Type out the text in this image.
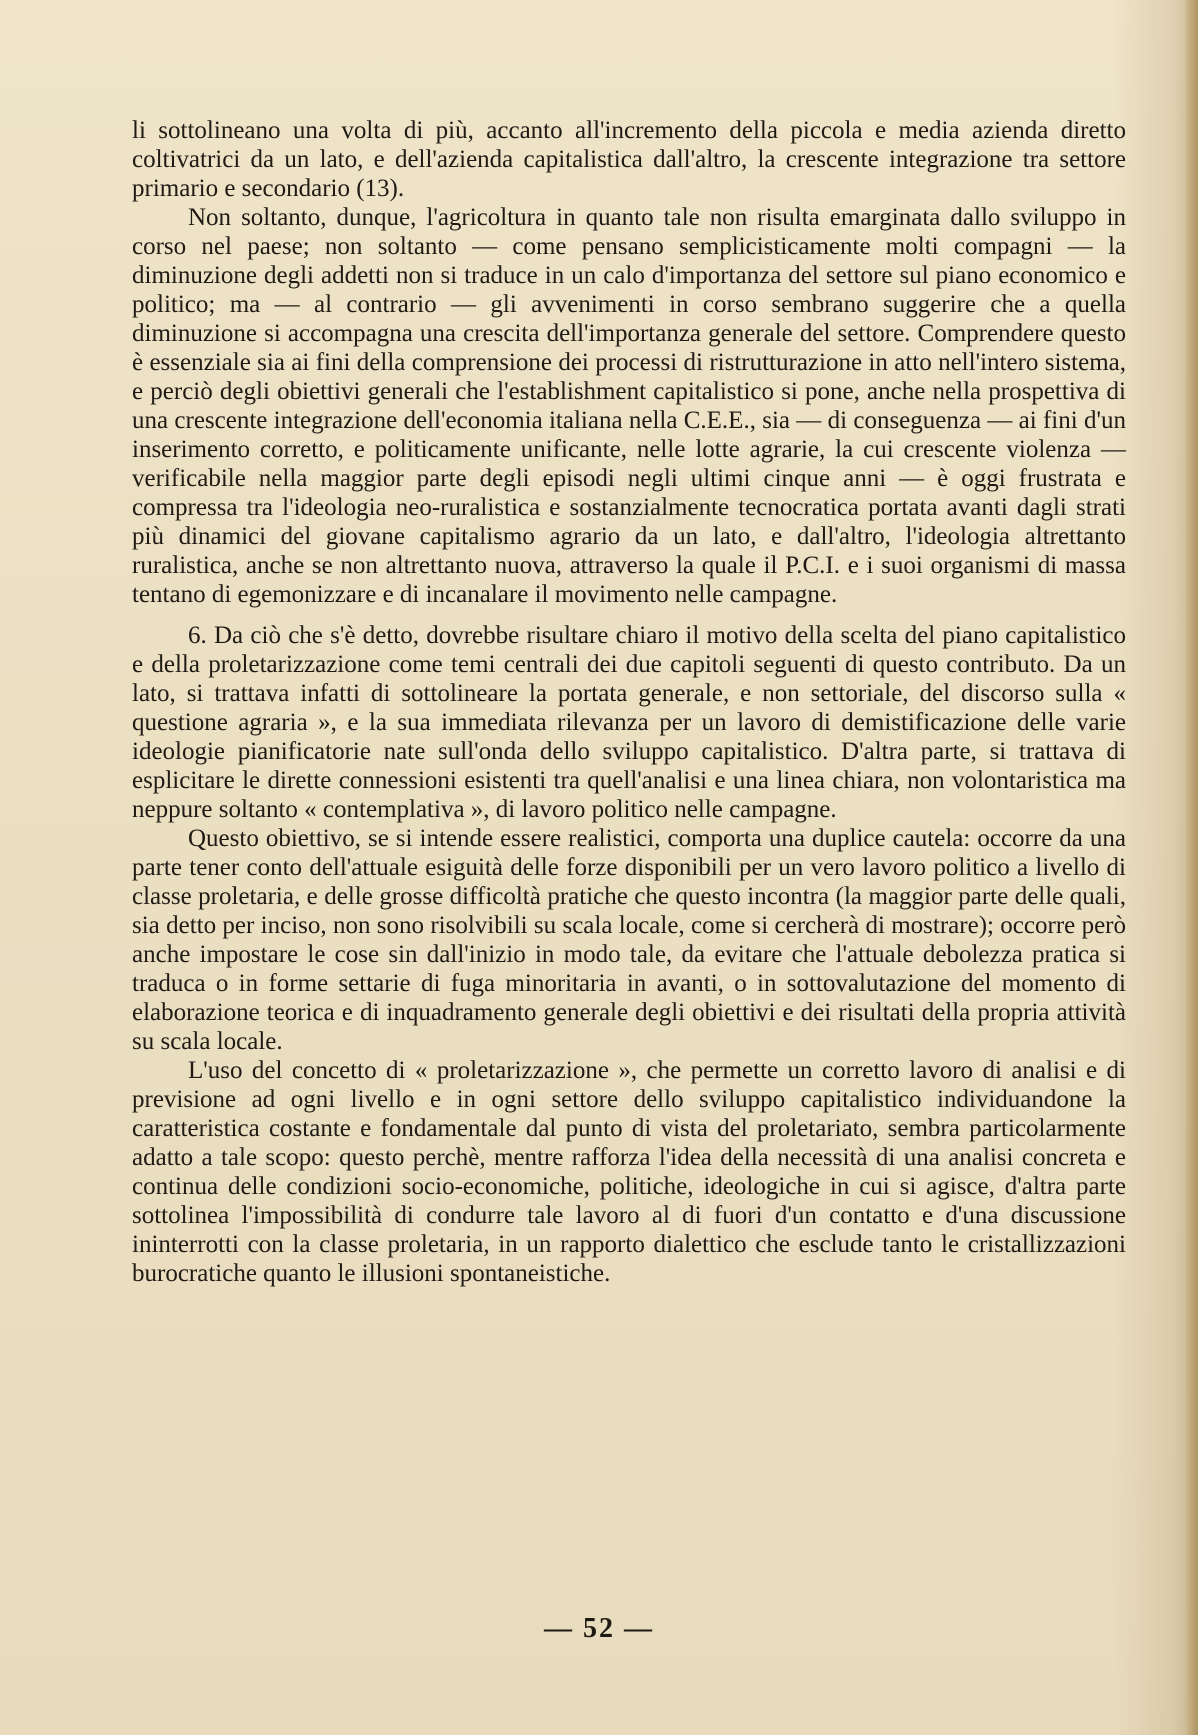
li sottolineano una volta di più, accanto all'incremento della piccola e media azienda diretto coltivatrici da un lato, e dell'azienda capitalistica dall'altro, la crescente integrazione tra settore primario e secondario (13).

Non soltanto, dunque, l'agricoltura in quanto tale non risulta emarginata dallo sviluppo in corso nel paese; non soltanto — come pensano semplicisticamente molti compagni — la diminuzione degli addetti non si traduce in un calo d'importanza del settore sul piano economico e politico; ma — al contrario — gli avvenimenti in corso sembrano suggerire che a quella diminuzione si accompagna una crescita dell'importanza generale del settore. Comprendere questo è essenziale sia ai fini della comprensione dei processi di ristrutturazione in atto nell'intero sistema, e perciò degli obiettivi generali che l'establishment capitalistico si pone, anche nella prospettiva di una crescente integrazione dell'economia italiana nella C.E.E., sia — di conseguenza — ai fini d'un inserimento corretto, e politicamente unificante, nelle lotte agrarie, la cui crescente violenza — verificabile nella maggior parte degli episodi negli ultimi cinque anni — è oggi frustrata e compressa tra l'ideologia neo-ruralistica e sostanzialmente tecnocratica portata avanti dagli strati più dinamici del giovane capitalismo agrario da un lato, e dall'altro, l'ideologia altrettanto ruralistica, anche se non altrettanto nuova, attraverso la quale il P.C.I. e i suoi organismi di massa tentano di egemonizzare e di incanalare il movimento nelle campagne.

6. Da ciò che s'è detto, dovrebbe risultare chiaro il motivo della scelta del piano capitalistico e della proletarizzazione come temi centrali dei due capitoli seguenti di questo contributo. Da un lato, si trattava infatti di sottolineare la portata generale, e non settoriale, del discorso sulla « questione agraria », e la sua immediata rilevanza per un lavoro di demistificazione delle varie ideologie pianificatorie nate sull'onda dello sviluppo capitalistico. D'altra parte, si trattava di esplicitare le dirette connessioni esistenti tra quell'analisi e una linea chiara, non volontaristica ma neppure soltanto « contemplativa », di lavoro politico nelle campagne.

Questo obiettivo, se si intende essere realistici, comporta una duplice cautela: occorre da una parte tener conto dell'attuale esiguità delle forze disponibili per un vero lavoro politico a livello di classe proletaria, e delle grosse difficoltà pratiche che questo incontra (la maggior parte delle quali, sia detto per inciso, non sono risolvibili su scala locale, come si cercherà di mostrare); occorre però anche impostare le cose sin dall'inizio in modo tale, da evitare che l'attuale debolezza pratica si traduca o in forme settarie di fuga minoritaria in avanti, o in sottovalutazione del momento di elaborazione teorica e di inquadramento generale degli obiettivi e dei risultati della propria attività su scala locale.

L'uso del concetto di « proletarizzazione », che permette un corretto lavoro di analisi e di previsione ad ogni livello e in ogni settore dello sviluppo capitalistico individuandone la caratteristica costante e fondamentale dal punto di vista del proletariato, sembra particolarmente adatto a tale scopo: questo perchè, mentre rafforza l'idea della necessità di una analisi concreta e continua delle condizioni socio-economiche, politiche, ideologiche in cui si agisce, d'altra parte sottolinea l'impossibilità di condurre tale lavoro al di fuori d'un contatto e d'una discussione ininterrotti con la classe proletaria, in un rapporto dialettico che esclude tanto le cristallizzazioni burocratiche quanto le illusioni spontaneistiche.

— 52 —
